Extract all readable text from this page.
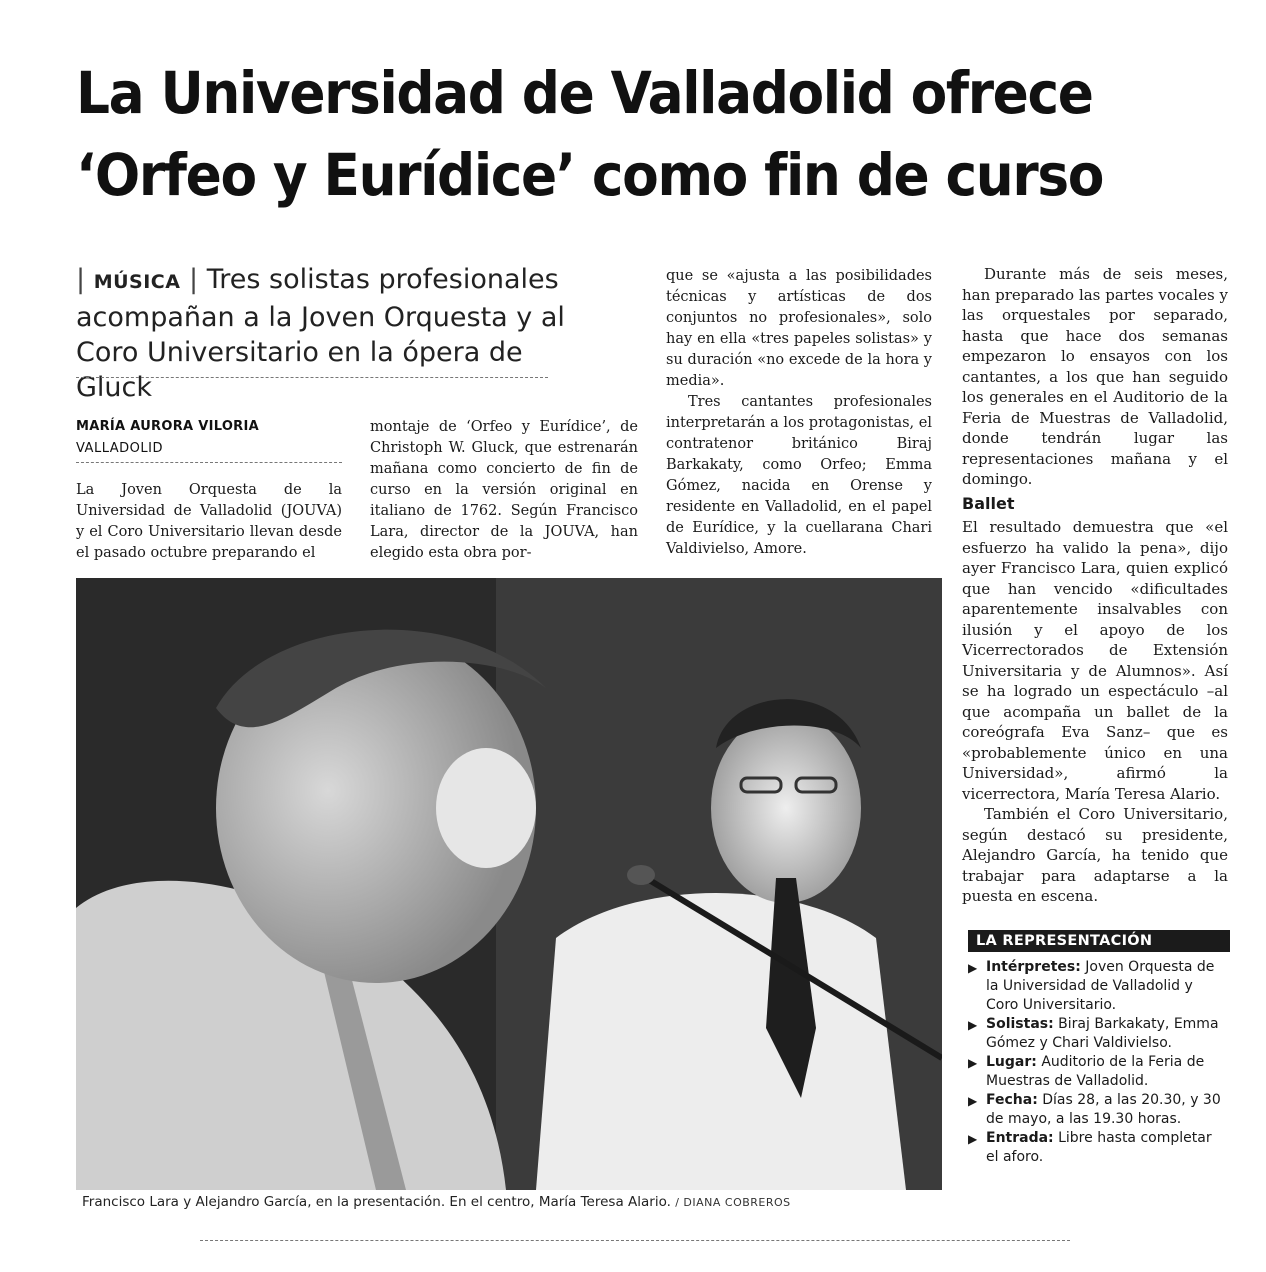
La Universidad de Valladolid ofrece
‘Orfeo y Eurídice’ como fin de curso
| MÚSICA | Tres solistas profesionales acompañan a la Joven Orquesta y al Coro Universitario en la ópera de Gluck
MARÍA AURORA VILORIA
VALLADOLID

La Joven Orquesta de la Universidad de Valladolid (JOUVA) y el Coro Universitario llevan desde el pasado octubre preparando el

montaje de ‘Orfeo y Eurídice’, de Christoph W. Gluck, que estrenarán mañana como concierto de fin de curso en la versión original en italiano de 1762. Según Francisco Lara, director de la JOUVA, han elegido esta obra por-

que se «ajusta a las posibilidades técnicas y artísticas de dos conjuntos no profesionales», solo hay en ella «tres papeles solistas» y su duración «no excede de la hora y media».

Tres cantantes profesionales interpretarán a los protagonistas, el contratenor británico Biraj Barkakaty, como Orfeo; Emma Gómez, nacida en Orense y residente en Valladolid, en el papel de Eurídice, y la cuellarana Chari Valdivielso, Amore.

Durante más de seis meses, han preparado las partes vocales y las orquestales por separado, hasta que hace dos semanas empezaron lo ensayos con los cantantes, a los que han seguido los generales en el Auditorio de la Feria de Muestras de Valladolid, donde tendrán lugar las representaciones mañana y el domingo.

Ballet

El resultado demuestra que «el esfuerzo ha valido la pena», dijo ayer Francisco Lara, quien explicó que han vencido «dificultades aparentemente insalvables con ilusión y el apoyo de los Vicerrectorados de Extensión Universitaria y de Alumnos». Así se ha logrado un espectáculo –al que acompaña un ballet de la coreógrafa Eva Sanz– que es «probablemente único en una Universidad», afirmó la vicerrectora, María Teresa Alario.

También el Coro Universitario, según destacó su presidente, Alejandro García, ha tenido que trabajar para adaptarse a la puesta en escena.

Francisco Lara y Alejandro García, en la presentación. En el centro, María Teresa Alario. / DIANA COBREROS
LA REPRESENTACIÓN
▶ Intérpretes: Joven Orquesta de la Universidad de Valladolid y Coro Universitario.
▶ Solistas: Biraj Barkakaty, Emma Gómez y Chari Valdivielso.
▶ Lugar: Auditorio de la Feria de Muestras de Valladolid.
▶ Fecha: Días 28, a las 20.30, y 30 de mayo, a las 19.30 horas.
▶ Entrada: Libre hasta completar el aforo.
